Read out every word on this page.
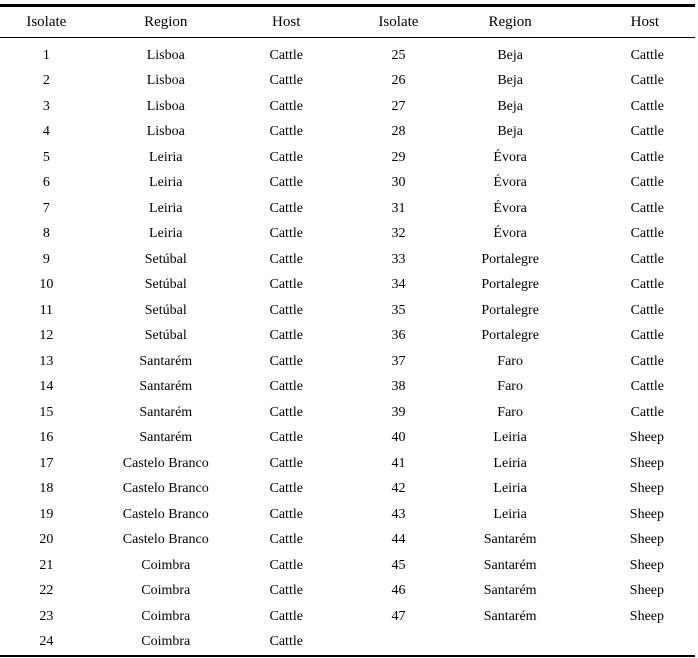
Isolate	Region	Host	Isolate	Region	Host

1	Lisboa	Cattle	25	Beja	Cattle
2	Lisboa	Cattle	26	Beja	Cattle
3	Lisboa	Cattle	27	Beja	Cattle
4	Lisboa	Cattle	28	Beja	Cattle
5	Leiria	Cattle	29	Évora	Cattle
6	Leiria	Cattle	30	Évora	Cattle
7	Leiria	Cattle	31	Évora	Cattle
8	Leiria	Cattle	32	Évora	Cattle
9	Setúbal	Cattle	33	Portalegre	Cattle
10	Setúbal	Cattle	34	Portalegre	Cattle
11	Setúbal	Cattle	35	Portalegre	Cattle
12	Setúbal	Cattle	36	Portalegre	Cattle
13	Santarém	Cattle	37	Faro	Cattle
14	Santarém	Cattle	38	Faro	Cattle
15	Santarém	Cattle	39	Faro	Cattle
16	Santarém	Cattle	40	Leiria	Sheep
17	Castelo Branco	Cattle	41	Leiria	Sheep
18	Castelo Branco	Cattle	42	Leiria	Sheep
19	Castelo Branco	Cattle	43	Leiria	Sheep
20	Castelo Branco	Cattle	44	Santarém	Sheep
21	Coimbra	Cattle	45	Santarém	Sheep
22	Coimbra	Cattle	46	Santarém	Sheep
23	Coimbra	Cattle	47	Santarém	Sheep
24	Coimbra	Cattle			
